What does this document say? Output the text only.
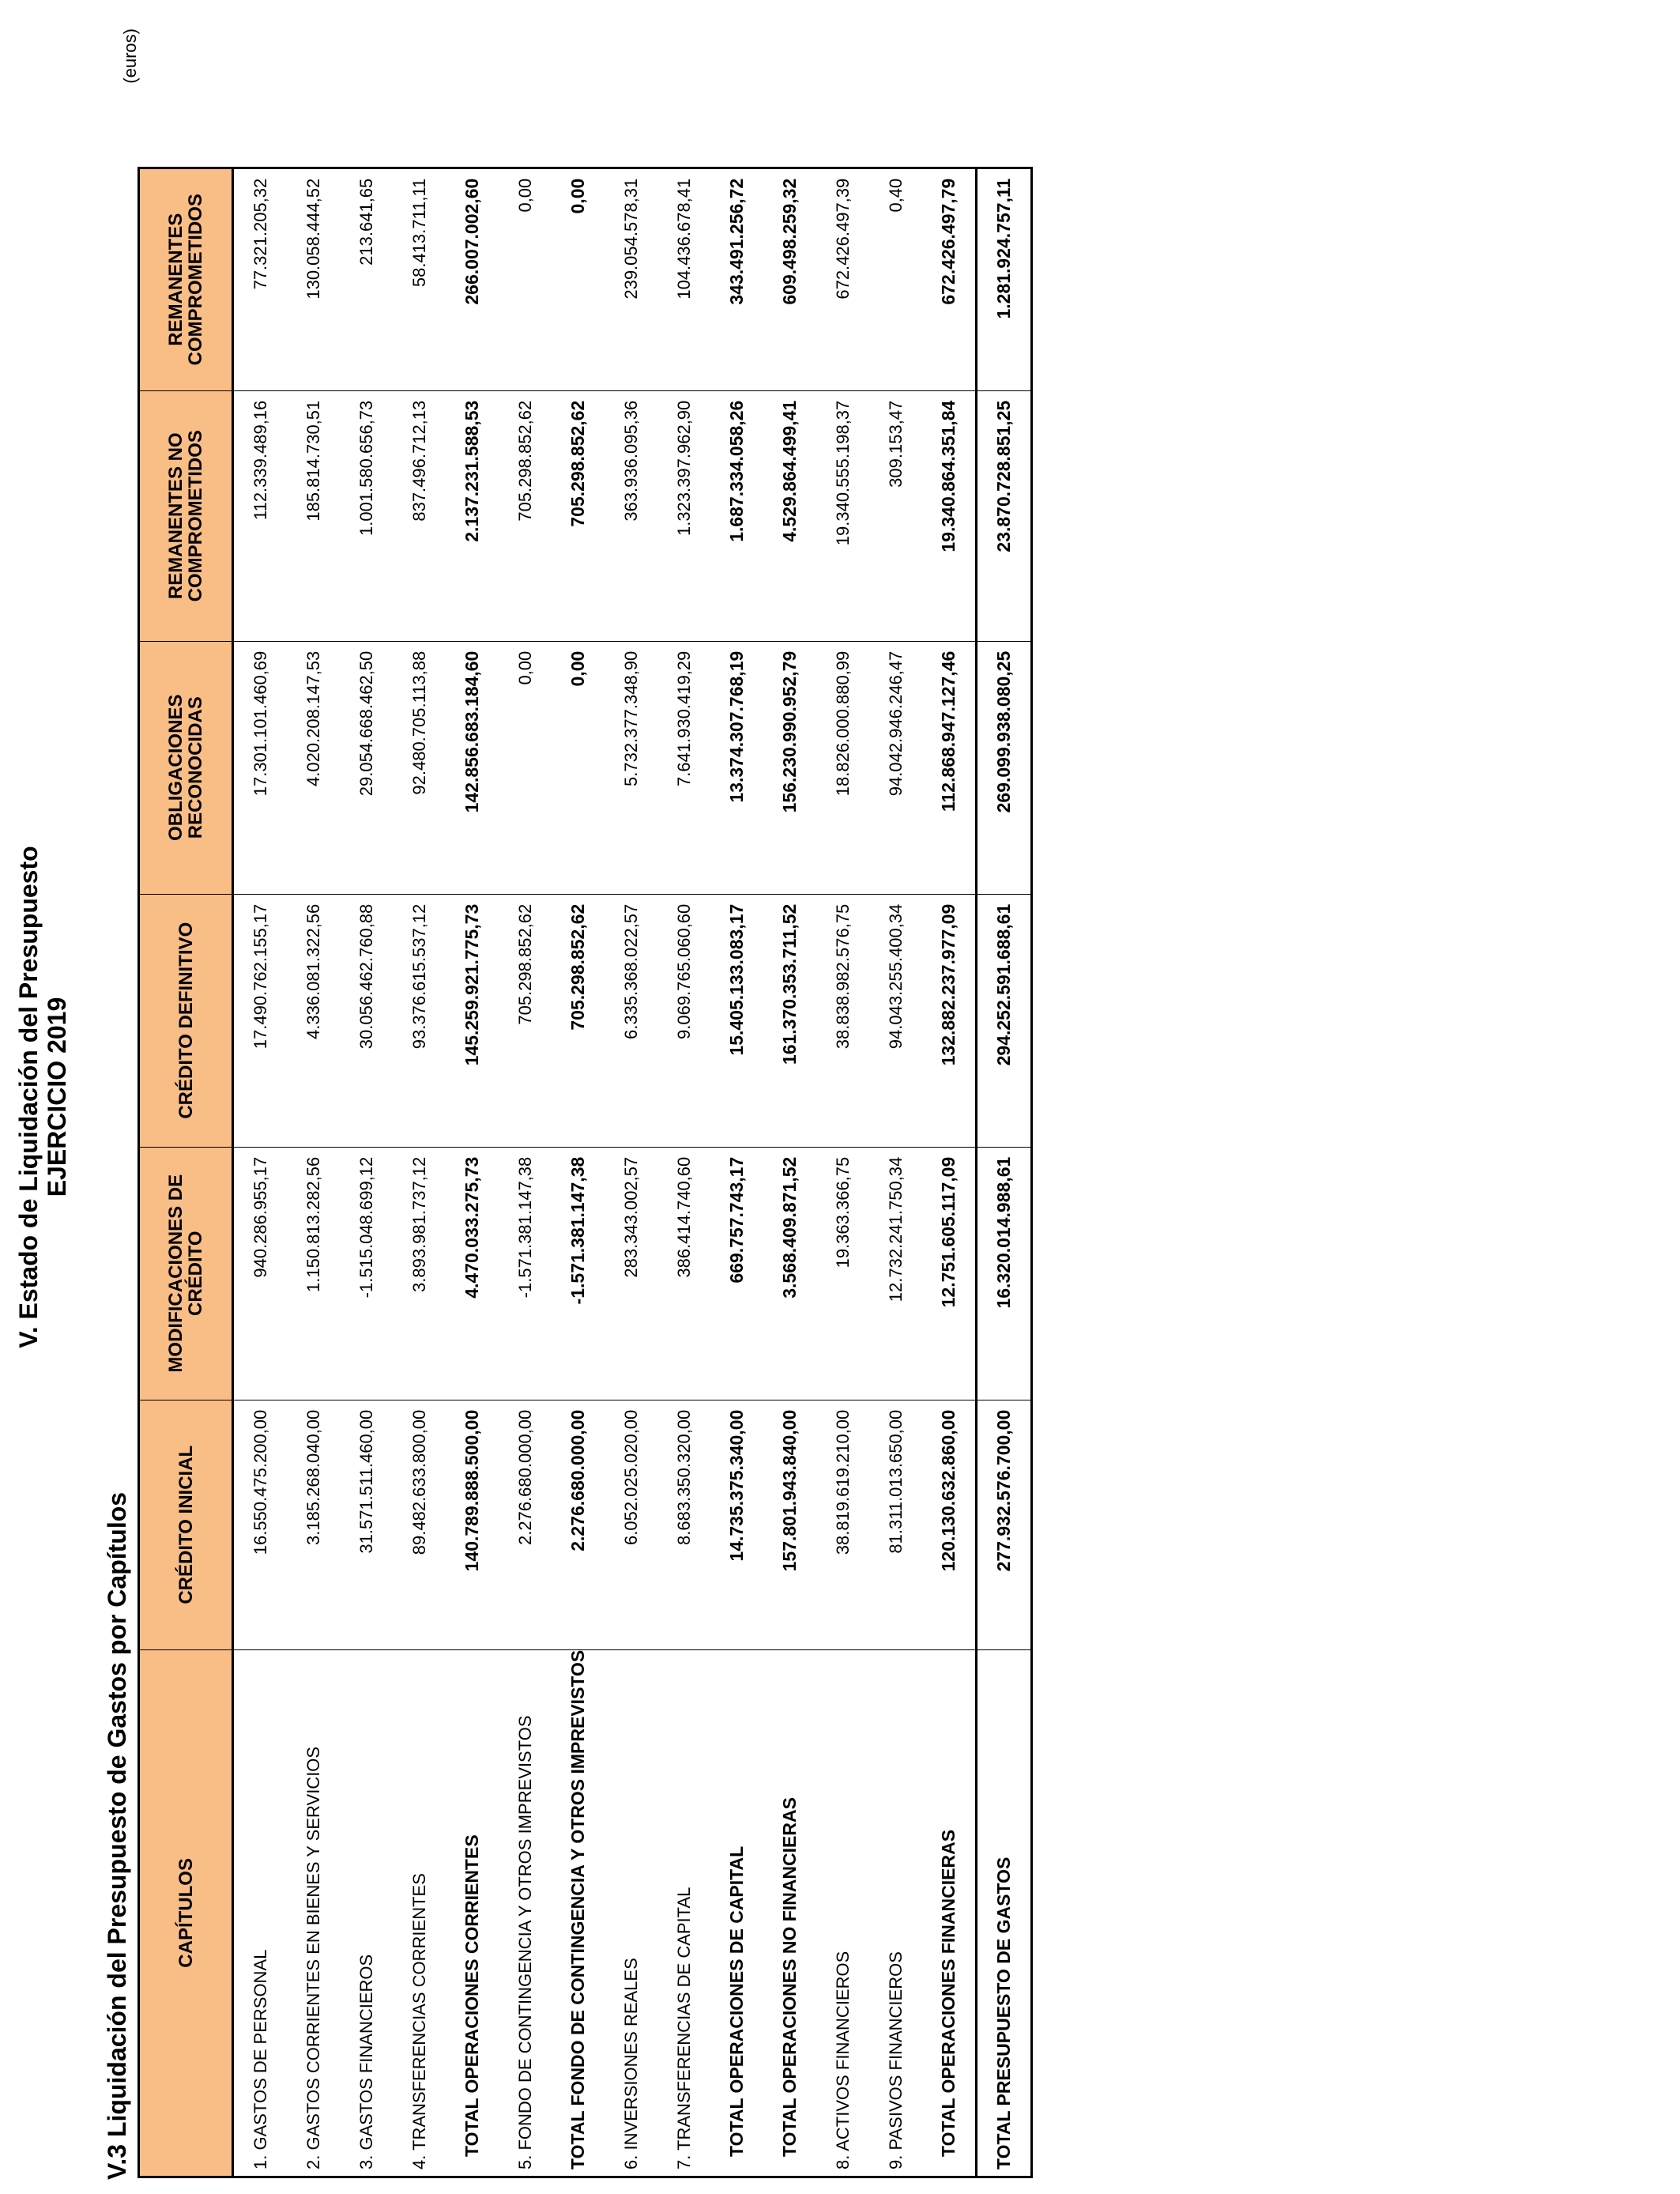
V. Estado de Liquidación del Presupuesto EJERCICIO 2019
V.3 Liquidación del Presupuesto de Gastos por Capítulos
(euros)
CAPÍTULOS	CRÉDITO INICIAL	MODIFICACIONES DE CRÉDITO	CRÉDITO DEFINITIVO	OBLIGACIONES RECONOCIDAS	REMANENTES NO COMPROMETIDOS	REMANENTES COMPROMETIDOS
1. GASTOS DE PERSONAL	16.550.475.200,00	940.286.955,17	17.490.762.155,17	17.301.101.460,69	112.339.489,16	77.321.205,32
2. GASTOS CORRIENTES EN BIENES Y SERVICIOS	3.185.268.040,00	1.150.813.282,56	4.336.081.322,56	4.020.208.147,53	185.814.730,51	130.058.444,52
3. GASTOS FINANCIEROS	31.571.511.460,00	-1.515.048.699,12	30.056.462.760,88	29.054.668.462,50	1.001.580.656,73	213.641,65
4. TRANSFERENCIAS CORRIENTES	89.482.633.800,00	3.893.981.737,12	93.376.615.537,12	92.480.705.113,88	837.496.712,13	58.413.711,11
TOTAL OPERACIONES CORRIENTES	140.789.888.500,00	4.470.033.275,73	145.259.921.775,73	142.856.683.184,60	2.137.231.588,53	266.007.002,60
5. FONDO DE CONTINGENCIA Y OTROS IMPREVISTOS	2.276.680.000,00	-1.571.381.147,38	705.298.852,62	0,00	705.298.852,62	0,00
TOTAL FONDO DE CONTINGENCIA Y OTROS IMPREVISTOS	2.276.680.000,00	-1.571.381.147,38	705.298.852,62	0,00	705.298.852,62	0,00
6. INVERSIONES REALES	6.052.025.020,00	283.343.002,57	6.335.368.022,57	5.732.377.348,90	363.936.095,36	239.054.578,31
7. TRANSFERENCIAS DE CAPITAL	8.683.350.320,00	386.414.740,60	9.069.765.060,60	7.641.930.419,29	1.323.397.962,90	104.436.678,41
TOTAL OPERACIONES DE CAPITAL	14.735.375.340,00	669.757.743,17	15.405.133.083,17	13.374.307.768,19	1.687.334.058,26	343.491.256,72
TOTAL OPERACIONES NO FINANCIERAS	157.801.943.840,00	3.568.409.871,52	161.370.353.711,52	156.230.990.952,79	4.529.864.499,41	609.498.259,32
8. ACTIVOS FINANCIEROS	38.819.619.210,00	19.363.366,75	38.838.982.576,75	18.826.000.880,99	19.340.555.198,37	672.426.497,39
9. PASIVOS FINANCIEROS	81.311.013.650,00	12.732.241.750,34	94.043.255.400,34	94.042.946.246,47	309.153,47	0,40
TOTAL OPERACIONES FINANCIERAS	120.130.632.860,00	12.751.605.117,09	132.882.237.977,09	112.868.947.127,46	19.340.864.351,84	672.426.497,79
TOTAL PRESUPUESTO DE GASTOS	277.932.576.700,00	16.320.014.988,61	294.252.591.688,61	269.099.938.080,25	23.870.728.851,25	1.281.924.757,11
